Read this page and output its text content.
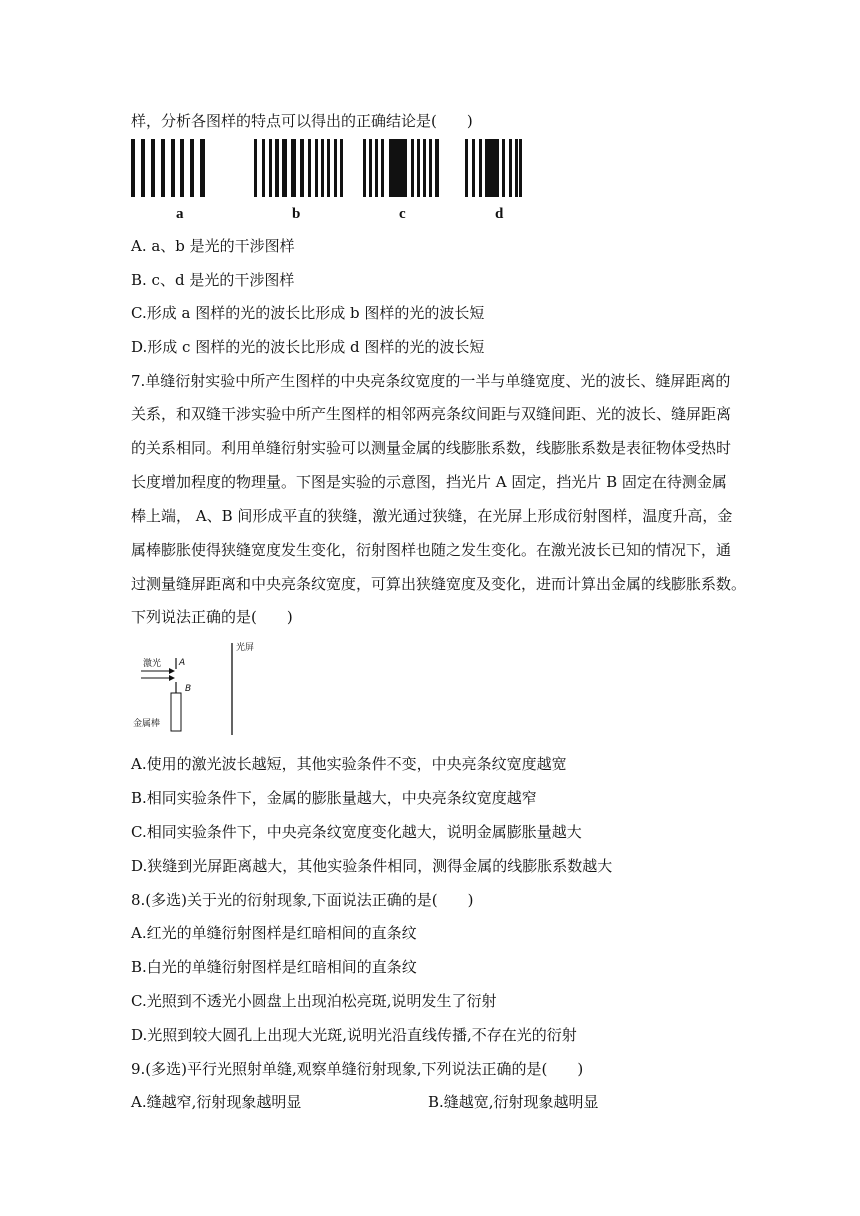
样，分析各图样的特点可以得出的正确结论是(　　)
a	b	c	d
A. a、b 是光的干涉图样
B. c、d 是光的干涉图样
C.形成 a 图样的光的波长比形成 b 图样的光的波长短
D.形成 c 图样的光的波长比形成 d 图样的光的波长短
7.单缝衍射实验中所产生图样的中央亮条纹宽度的一半与单缝宽度、光的波长、缝屏距离的
关系，和双缝干涉实验中所产生图样的相邻两亮条纹间距与双缝间距、光的波长、缝屏距离
的关系相同。利用单缝衍射实验可以测量金属的线膨胀系数，线膨胀系数是表征物体受热时
长度增加程度的物理量。下图是实验的示意图，挡光片 A 固定，挡光片 B 固定在待测金属
棒上端， A、B 间形成平直的狭缝，激光通过狭缝，在光屏上形成衍射图样，温度升高，金
属棒膨胀使得狭缝宽度发生变化，衍射图样也随之发生变化。在激光波长已知的情况下，通
过测量缝屏距离和中央亮条纹宽度，可算出狭缝宽度及变化，进而计算出金属的线膨胀系数。
下列说法正确的是(　　)
激光 A
B
金属棒
光屏
A.使用的激光波长越短，其他实验条件不变，中央亮条纹宽度越宽
B.相同实验条件下，金属的膨胀量越大，中央亮条纹宽度越窄
C.相同实验条件下，中央亮条纹宽度变化越大，说明金属膨胀量越大
D.狭缝到光屏距离越大，其他实验条件相同，测得金属的线膨胀系数越大
8.(多选)关于光的衍射现象,下面说法正确的是(　　)
A.红光的单缝衍射图样是红暗相间的直条纹
B.白光的单缝衍射图样是红暗相间的直条纹
C.光照到不透光小圆盘上出现泊松亮斑,说明发生了衍射
D.光照到较大圆孔上出现大光斑,说明光沿直线传播,不存在光的衍射
9.(多选)平行光照射单缝,观察单缝衍射现象,下列说法正确的是(　　)
A.缝越窄,衍射现象越明显	B.缝越宽,衍射现象越明显
